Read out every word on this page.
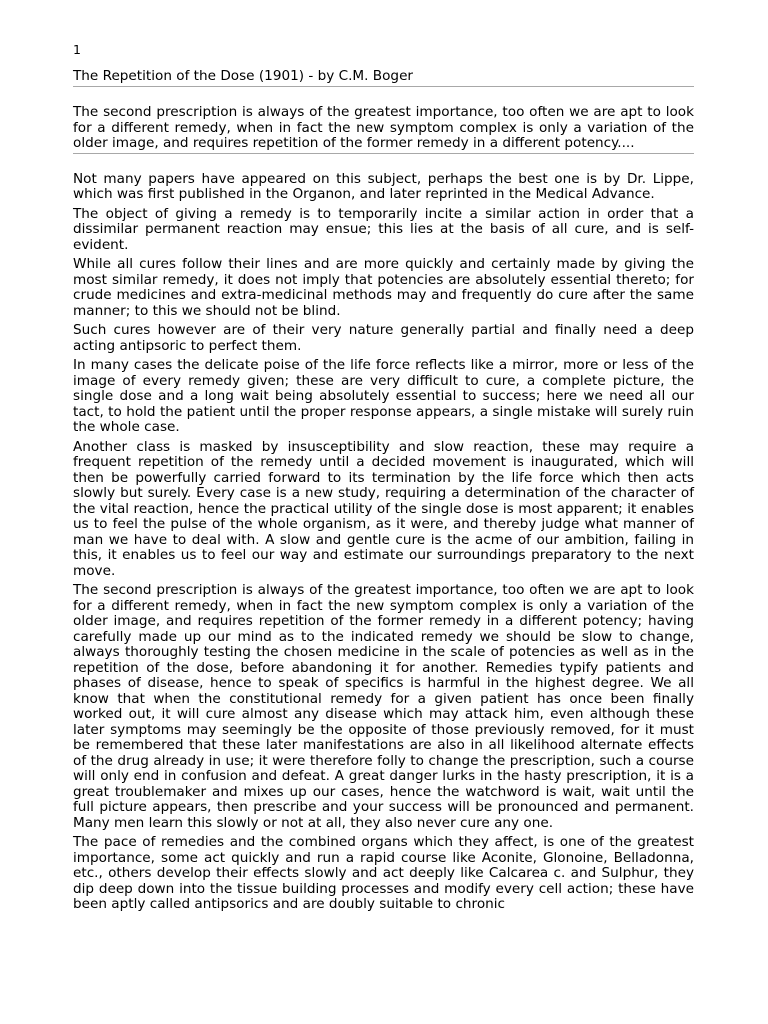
1
The Repetition of the Dose (1901) - by C.M. Boger
The second prescription is always of the greatest importance, too often we are apt to look for a different remedy, when in fact the new symptom complex is only a variation of the older image, and requires repetition of the former remedy in a different potency....

Not many papers have appeared on this subject, perhaps the best one is by Dr. Lippe, which was first published in the Organon, and later reprinted in the Medical Advance.

The object of giving a remedy is to temporarily incite a similar action in order that a dissimilar permanent reaction may ensue; this lies at the basis of all cure, and is self-evident.

While all cures follow their lines and are more quickly and certainly made by giving the most similar remedy, it does not imply that potencies are absolutely essential thereto; for crude medicines and extra-medicinal methods may and frequently do cure after the same manner; to this we should not be blind.

Such cures however are of their very nature generally partial and finally need a deep acting antipsoric to perfect them.

In many cases the delicate poise of the life force reflects like a mirror, more or less of the image of every remedy given; these are very difficult to cure, a complete picture, the single dose and a long wait being absolutely essential to success; here we need all our tact, to hold the patient until the proper response appears, a single mistake will surely ruin the whole case.

Another class is masked by insusceptibility and slow reaction, these may require a frequent repetition of the remedy until a decided movement is inaugurated, which will then be powerfully carried forward to its termination by the life force which then acts slowly but surely. Every case is a new study, requiring a determination of the character of the vital reaction, hence the practical utility of the single dose is most apparent; it enables us to feel the pulse of the whole organism, as it were, and thereby judge what manner of man we have to deal with. A slow and gentle cure is the acme of our ambition, failing in this, it enables us to feel our way and estimate our surroundings preparatory to the next move.

The second prescription is always of the greatest importance, too often we are apt to look for a different remedy, when in fact the new symptom complex is only a variation of the older image, and requires repetition of the former remedy in a different potency; having carefully made up our mind as to the indicated remedy we should be slow to change, always thoroughly testing the chosen medicine in the scale of potencies as well as in the repetition of the dose, before abandoning it for another. Remedies typify patients and phases of disease, hence to speak of specifics is harmful in the highest degree. We all know that when the constitutional remedy for a given patient has once been finally worked out, it will cure almost any disease which may attack him, even although these later symptoms may seemingly be the opposite of those previously removed, for it must be remembered that these later manifestations are also in all likelihood alternate effects of the drug already in use; it were therefore folly to change the prescription, such a course will only end in confusion and defeat. A great danger lurks in the hasty prescription, it is a great troublemaker and mixes up our cases, hence the watchword is wait, wait until the full picture appears, then prescribe and your success will be pronounced and permanent. Many men learn this slowly or not at all, they also never cure any one.

The pace of remedies and the combined organs which they affect, is one of the greatest importance, some act quickly and run a rapid course like Aconite, Glonoine, Belladonna, etc., others develop their effects slowly and act deeply like Calcarea c. and Sulphur, they dip deep down into the tissue building processes and modify every cell action; these have been aptly called antipsorics and are doubly suitable to chronic
